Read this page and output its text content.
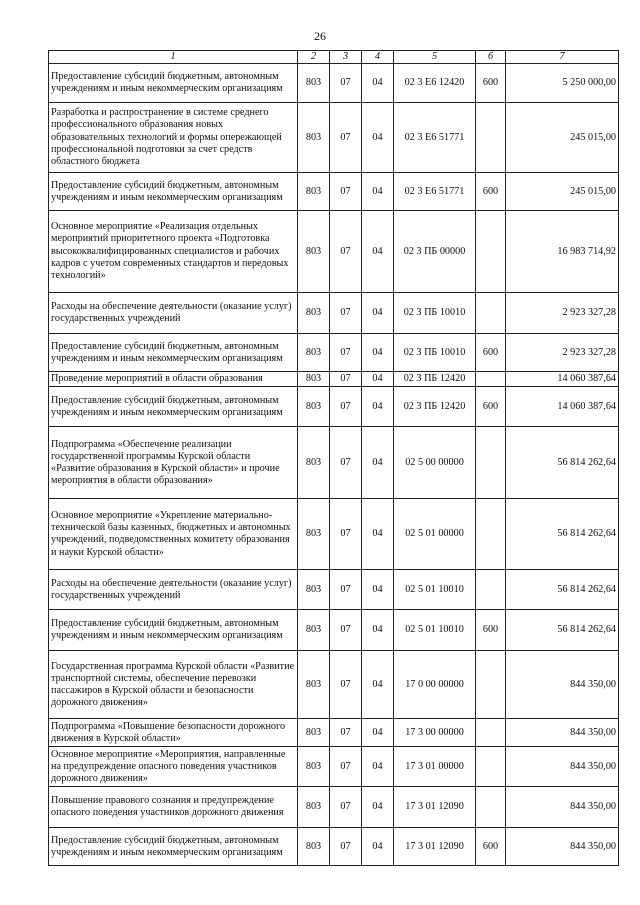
26
1	2	3	4	5	6	7
Предоставление субсидий бюджетным, автономным учреждениям и иным некоммерческим организациям	803	07	04	02 3 E6 12420	600	5 250 000,00
Разработка и распространение в системе среднего профессионального образования новых образовательных технологий и формы опережающей профессиональной подготовки за счет средств областного бюджета	803	07	04	02 3 E6 51771		245 015,00
Предоставление субсидий бюджетным, автономным учреждениям и иным некоммерческим организациям	803	07	04	02 3 E6 51771	600	245 015,00
Основное мероприятие «Реализация отдельных мероприятий приоритетного проекта «Подготовка высококвалифицированных специалистов и рабочих кадров с учетом современных стандартов и передовых технологий»	803	07	04	02 3 ПБ 00000		16 983 714,92
Расходы на обеспечение деятельности (оказание услуг) государственных учреждений	803	07	04	02 3 ПБ 10010		2 923 327,28
Предоставление субсидий бюджетным, автономным учреждениям и иным некоммерческим организациям	803	07	04	02 3 ПБ 10010	600	2 923 327,28
Проведение мероприятий в области образования	803	07	04	02 3 ПБ 12420		14 060 387,64
Предоставление субсидий бюджетным, автономным учреждениям и иным некоммерческим организациям	803	07	04	02 3 ПБ 12420	600	14 060 387,64
Подпрограмма «Обеспечение реализации государственной программы Курской области «Развитие образования в Курской области» и прочие мероприятия в области образования»	803	07	04	02 5 00 00000		56 814 262,64
Основное мероприятие «Укрепление материально-технической базы казенных, бюджетных и автономных учреждений, подведомственных комитету образования и науки Курской области»	803	07	04	02 5 01 00000		56 814 262,64
Расходы на обеспечение деятельности (оказание услуг) государственных учреждений	803	07	04	02 5 01 10010		56 814 262,64
Предоставление субсидий бюджетным, автономным учреждениям и иным некоммерческим организациям	803	07	04	02 5 01 10010	600	56 814 262,64
Государственная программа Курской области «Развитие транспортной системы, обеспечение перевозки пассажиров в Курской области и безопасности дорожного движения»	803	07	04	17 0 00 00000		844 350,00
Подпрограмма «Повышение безопасности дорожного движения в Курской области»	803	07	04	17 3 00 00000		844 350,00
Основное мероприятие «Мероприятия, направленные на предупреждение опасного поведения участников дорожного движения»	803	07	04	17 3 01 00000		844 350,00
Повышение правового сознания и предупреждение опасного поведения участников дорожного движения	803	07	04	17 3 01 12090		844 350,00
Предоставление субсидий бюджетным, автономным учреждениям и иным некоммерческим организациям	803	07	04	17 3 01 12090	600	844 350,00
